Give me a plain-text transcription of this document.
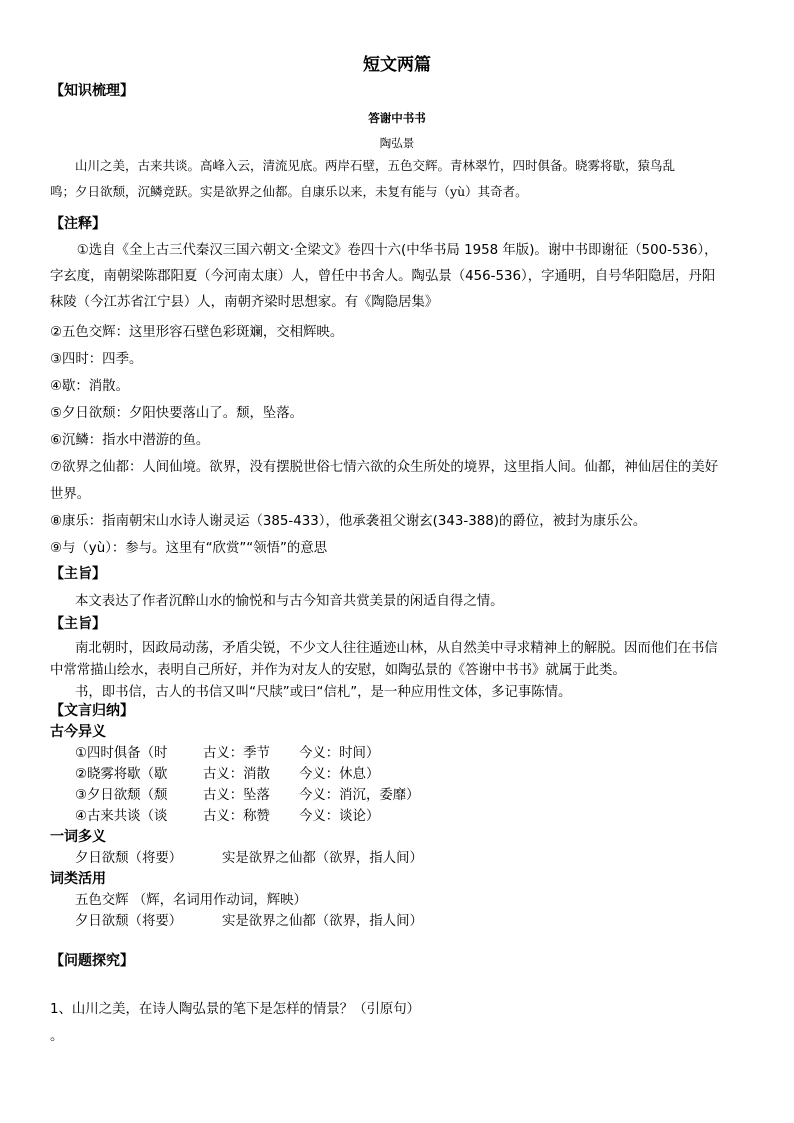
短文两篇
【知识梳理】
答谢中书书
陶弘景
山川之美，古来共谈。高峰入云，清流见底。两岸石壁，五色交辉。青林翠竹，四时俱备。晓雾将歇，猿鸟乱
鸣；夕日欲颓，沉鳞竞跃。实是欲界之仙都。自康乐以来，未复有能与（yù）其奇者。
【注释】
①选自《全上古三代秦汉三国六朝文·全梁文》卷四十六(中华书局 1958 年版)。谢中书即谢征（500-536），
字玄度，南朝梁陈郡阳夏（今河南太康）人，曾任中书舍人。陶弘景（456-536），字通明，自号华阳隐居，丹阳
秣陵（今江苏省江宁县）人，南朝齐梁时思想家。有《陶隐居集》
②五色交辉：这里形容石壁色彩斑斓，交相辉映。
③四时：四季。
④歇：消散。
⑤夕日欲颓：夕阳快要落山了。颓，坠落。
⑥沉鳞：指水中潜游的鱼。
⑦欲界之仙都：人间仙境。欲界，没有摆脱世俗七情六欲的众生所处的境界，这里指人间。仙都，神仙居住的美好
世界。
⑧康乐：指南朝宋山水诗人谢灵运（385-433），他承袭祖父谢玄(343-388)的爵位，被封为康乐公。
⑨与（yù）：参与。这里有“欣赏”“领悟”的意思
【主旨】
本文表达了作者沉醉山水的愉悦和与古今知音共赏美景的闲适自得之情。
【主旨】
南北朝时，因政局动荡，矛盾尖锐，不少文人往往遁迹山林，从自然美中寻求精神上的解脱。因而他们在书信
中常常描山绘水，表明自己所好，并作为对友人的安慰，如陶弘景的《答谢中书书》就属于此类。
书，即书信，古人的书信又叫“尺牍”或曰“信札”，是一种应用性文体，多记事陈情。
【文言归纳】
古今异义
①四时俱备（时	古义：季节 今义：时间）
②晓雾将歇（歇	古义：消散 今义：休息）
③夕日欲颓（颓	古义：坠落 今义：消沉，委靡）
④古来共谈（谈	古义：称赞 今义：谈论）
一词多义
夕日欲颓（将要）	实是欲界之仙都（欲界，指人间）
词类活用
五色交辉 （辉，名词用作动词，辉映）
夕日欲颓（将要）	实是欲界之仙都（欲界，指人间）
【问题探究】
1、山川之美，在诗人陶弘景的笔下是怎样的情景？（引原句）
。
